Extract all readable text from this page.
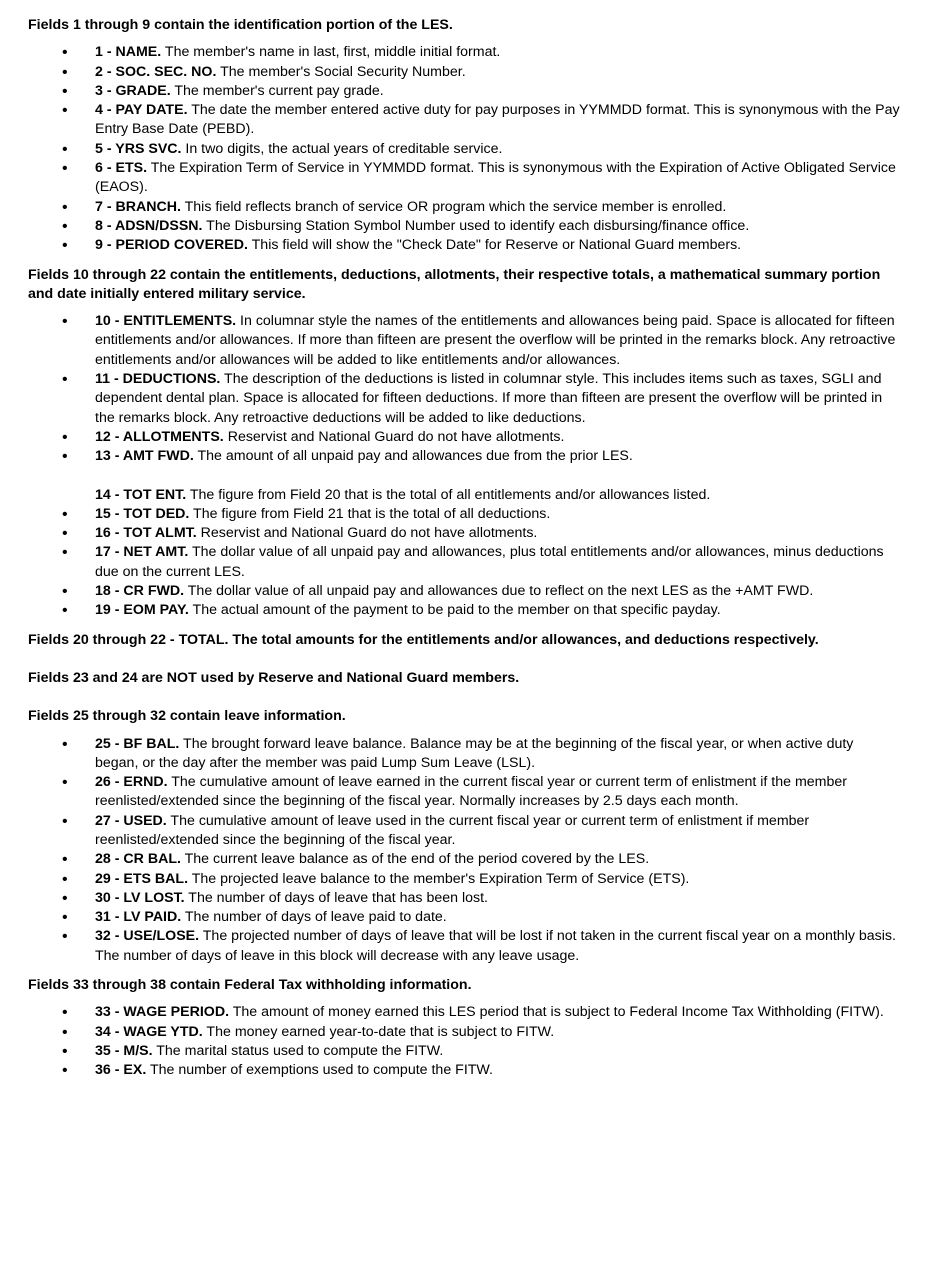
Fields 1 through 9 contain the identification portion of the LES.

• 1 - NAME. The member's name in last, first, middle initial format.
• 2 - SOC. SEC. NO. The member's Social Security Number.
• 3 - GRADE. The member's current pay grade.
• 4 - PAY DATE. The date the member entered active duty for pay purposes in YYMMDD format. This is synonymous with the Pay Entry Base Date (PEBD).
• 5 - YRS SVC. In two digits, the actual years of creditable service.
• 6 - ETS. The Expiration Term of Service in YYMMDD format. This is synonymous with the Expiration of Active Obligated Service (EAOS).
• 7 - BRANCH. This field reflects branch of service OR program which the service member is enrolled.
• 8 - ADSN/DSSN. The Disbursing Station Symbol Number used to identify each disbursing/finance office.
• 9 - PERIOD COVERED. This field will show the "Check Date" for Reserve or National Guard members.

Fields 10 through 22 contain the entitlements, deductions, allotments, their respective totals, a mathematical summary portion and date initially entered military service.

• 10 - ENTITLEMENTS. In columnar style the names of the entitlements and allowances being paid. Space is allocated for fifteen entitlements and/or allowances. If more than fifteen are present the overflow will be printed in the remarks block. Any retroactive entitlements and/or allowances will be added to like entitlements and/or allowances.
• 11 - DEDUCTIONS. The description of the deductions is listed in columnar style. This includes items such as taxes, SGLI and dependent dental plan. Space is allocated for fifteen deductions. If more than fifteen are present the overflow will be printed in the remarks block. Any retroactive deductions will be added to like deductions.
• 12 - ALLOTMENTS. Reservist and National Guard do not have allotments.
• 13 - AMT FWD. The amount of all unpaid pay and allowances due from the prior LES.
14 - TOT ENT. The figure from Field 20 that is the total of all entitlements and/or allowances listed.
• 15 - TOT DED. The figure from Field 21 that is the total of all deductions.
• 16 - TOT ALMT. Reservist and National Guard do not have allotments.
• 17 - NET AMT. The dollar value of all unpaid pay and allowances, plus total entitlements and/or allowances, minus deductions due on the current LES.
• 18 - CR FWD. The dollar value of all unpaid pay and allowances due to reflect on the next LES as the +AMT FWD.
• 19 - EOM PAY. The actual amount of the payment to be paid to the member on that specific payday.

Fields 20 through 22 - TOTAL. The total amounts for the entitlements and/or allowances, and deductions respectively.

Fields 23 and 24 are NOT used by Reserve and National Guard members.

Fields 25 through 32 contain leave information.

• 25 - BF BAL. The brought forward leave balance. Balance may be at the beginning of the fiscal year, or when active duty began, or the day after the member was paid Lump Sum Leave (LSL).
• 26 - ERND. The cumulative amount of leave earned in the current fiscal year or current term of enlistment if the member reenlisted/extended since the beginning of the fiscal year. Normally increases by 2.5 days each month.
• 27 - USED. The cumulative amount of leave used in the current fiscal year or current term of enlistment if member reenlisted/extended since the beginning of the fiscal year.
• 28 - CR BAL. The current leave balance as of the end of the period covered by the LES.
• 29 - ETS BAL. The projected leave balance to the member's Expiration Term of Service (ETS).
• 30 - LV LOST. The number of days of leave that has been lost.
• 31 - LV PAID. The number of days of leave paid to date.
• 32 - USE/LOSE. The projected number of days of leave that will be lost if not taken in the current fiscal year on a monthly basis. The number of days of leave in this block will decrease with any leave usage.

Fields 33 through 38 contain Federal Tax withholding information.

• 33 - WAGE PERIOD. The amount of money earned this LES period that is subject to Federal Income Tax Withholding (FITW).
• 34 - WAGE YTD. The money earned year-to-date that is subject to FITW.
• 35 - M/S. The marital status used to compute the FITW.
• 36 - EX. The number of exemptions used to compute the FITW.
